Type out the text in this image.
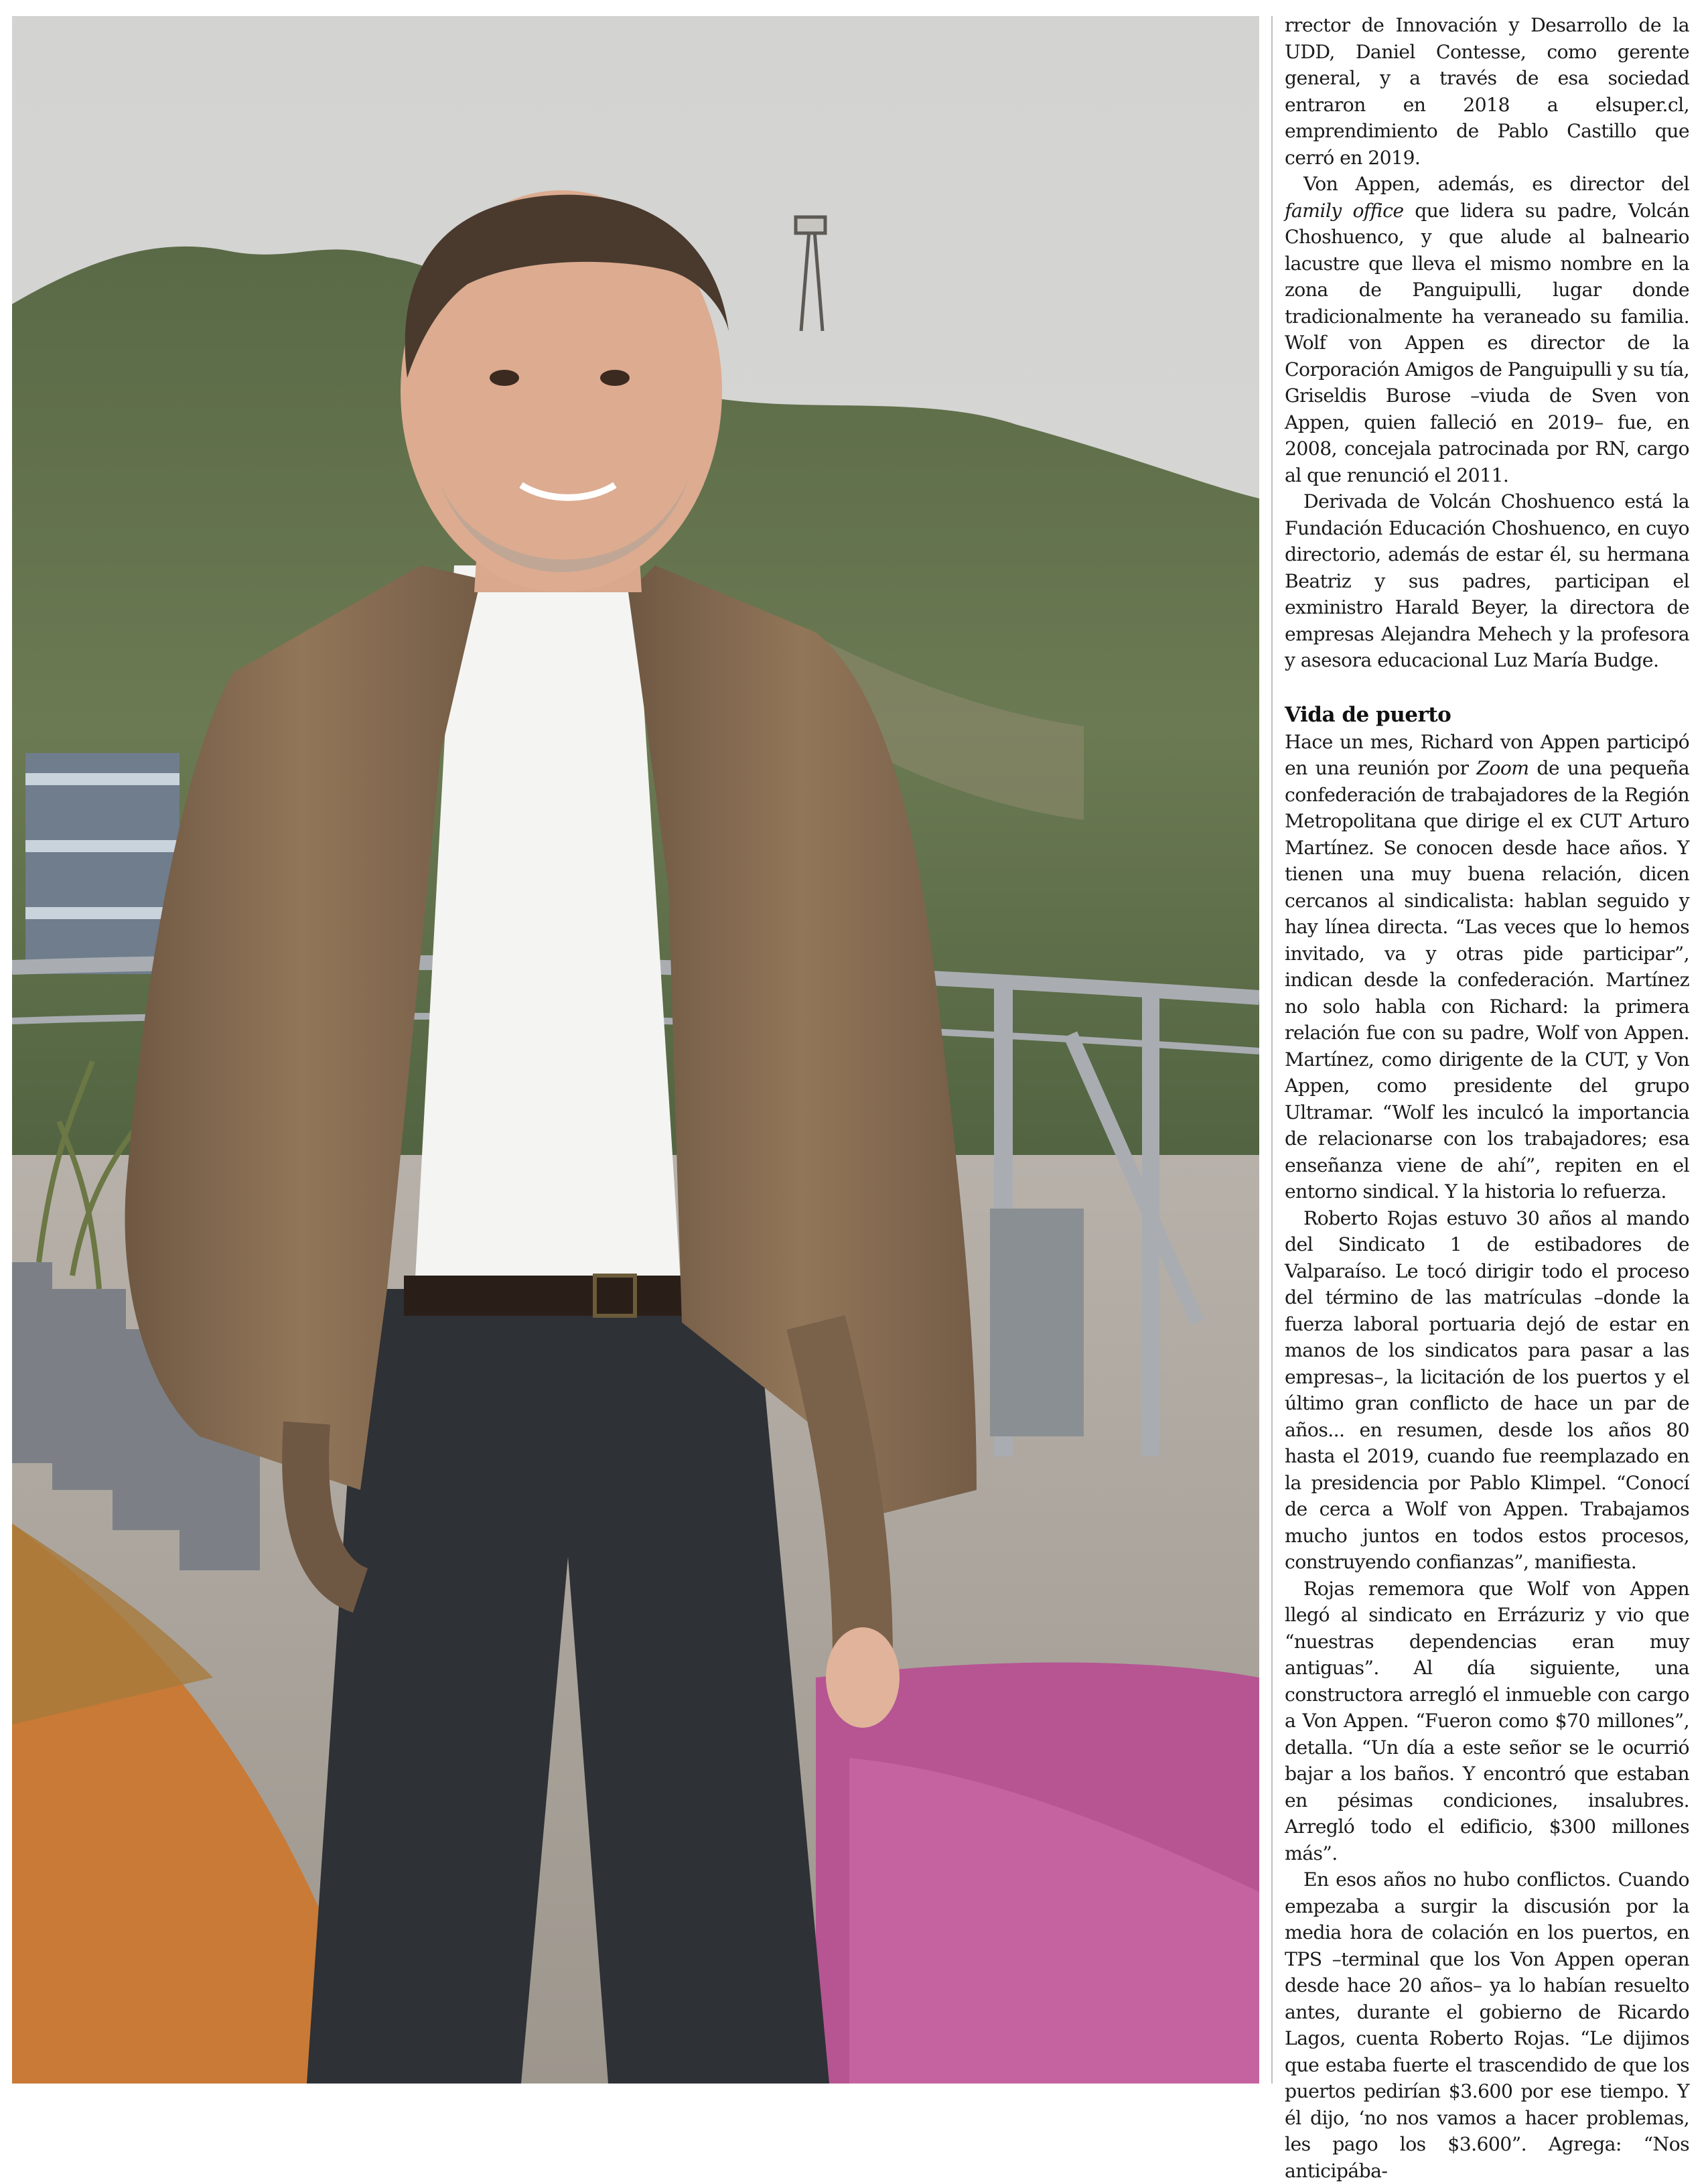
rrector de Innovación y Desarrollo de la UDD, Daniel Contesse, como gerente general, y a través de esa sociedad entraron en 2018 a elsuper.cl, emprendimiento de Pablo Castillo que cerró en 2019.

Von Appen, además, es director del family office que lidera su padre, Volcán Choshuenco, y que alude al balneario lacustre que lleva el mismo nombre en la zona de Panguipulli, lugar donde tradicionalmente ha veraneado su familia. Wolf von Appen es director de la Corporación Amigos de Panguipulli y su tía, Griseldis Burose –viuda de Sven von Appen, quien falleció en 2019– fue, en 2008, concejala patrocinada por RN, cargo al que renunció el 2011.

Derivada de Volcán Choshuenco está la Fundación Educación Choshuenco, en cuyo directorio, además de estar él, su hermana Beatriz y sus padres, participan el exministro Harald Beyer, la directora de empresas Alejandra Mehech y la profesora y asesora educacional Luz María Budge.

Vida de puerto

Hace un mes, Richard von Appen participó en una reunión por Zoom de una pequeña confederación de trabajadores de la Región Metropolitana que dirige el ex CUT Arturo Martínez. Se conocen desde hace años. Y tienen una muy buena relación, dicen cercanos al sindicalista: hablan seguido y hay línea directa. “Las veces que lo hemos invitado, va y otras pide participar”, indican desde la confederación. Martínez no solo habla con Richard: la primera relación fue con su padre, Wolf von Appen. Martínez, como dirigente de la CUT, y Von Appen, como presidente del grupo Ultramar. “Wolf les inculcó la importancia de relacionarse con los trabajadores; esa enseñanza viene de ahí”, repiten en el entorno sindical. Y la historia lo refuerza.

Roberto Rojas estuvo 30 años al mando del Sindicato 1 de estibadores de Valparaíso. Le tocó dirigir todo el proceso del término de las matrículas –donde la fuerza laboral portuaria dejó de estar en manos de los sindicatos para pasar a las empresas–, la licitación de los puertos y el último gran conflicto de hace un par de años... en resumen, desde los años 80 hasta el 2019, cuando fue reemplazado en la presidencia por Pablo Klimpel. “Conocí de cerca a Wolf von Appen. Trabajamos mucho juntos en todos estos procesos, construyendo confianzas”, manifiesta.

Rojas rememora que Wolf von Appen llegó al sindicato en Errázuriz y vio que “nuestras dependencias eran muy antiguas”. Al día siguiente, una constructora arregló el inmueble con cargo a Von Appen. “Fueron como $70 millones”, detalla. “Un día a este señor se le ocurrió bajar a los baños. Y encontró que estaban en pésimas condiciones, insalubres. Arregló todo el edificio, $300 millones más”.

En esos años no hubo conflictos. Cuando empezaba a surgir la discusión por la media hora de colación en los puertos, en TPS –terminal que los Von Appen operan desde hace 20 años– ya lo habían resuelto antes, durante el gobierno de Ricardo Lagos, cuenta Roberto Rojas. “Le dijimos que estaba fuerte el trascendido de que los puertos pedirían $3.600 por ese tiempo. Y él dijo, ‘no nos vamos a hacer problemas, les pago los $3.600”. Agrega: “Nos anticipába-
